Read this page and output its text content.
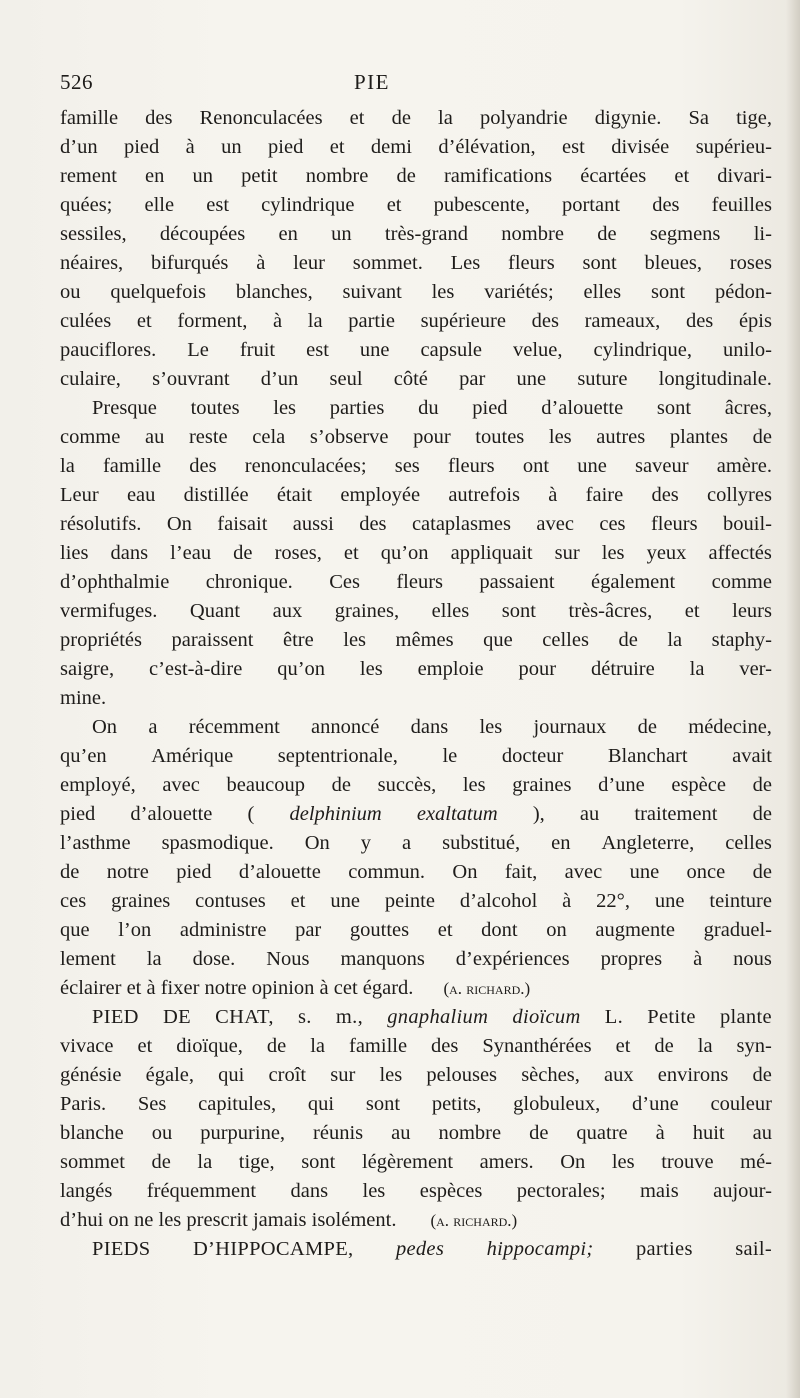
526	PIE
famille des Renonculacées et de la polyandrie digynie. Sa tige,
d’un pied à un pied et demi d’élévation, est divisée supérieu-
rement en un petit nombre de ramifications écartées et divari-
quées; elle est cylindrique et pubescente, portant des feuilles
sessiles, découpées en un très-grand nombre de segmens li-
néaires, bifurqués à leur sommet. Les fleurs sont bleues, roses
ou quelquefois blanches, suivant les variétés; elles sont pédon-
culées et forment, à la partie supérieure des rameaux, des épis
pauciflores. Le fruit est une capsule velue, cylindrique, unilo-
culaire, s’ouvrant d’un seul côté par une suture longitudinale.
Presque toutes les parties du pied d’alouette sont âcres,
comme au reste cela s’observe pour toutes les autres plantes de
la famille des renonculacées; ses fleurs ont une saveur amère.
Leur eau distillée était employée autrefois à faire des collyres
résolutifs. On faisait aussi des cataplasmes avec ces fleurs bouil-
lies dans l’eau de roses, et qu’on appliquait sur les yeux affectés
d’ophthalmie chronique. Ces fleurs passaient également comme
vermifuges. Quant aux graines, elles sont très-âcres, et leurs
propriétés paraissent être les mêmes que celles de la staphy-
saigre, c’est-à-dire qu’on les emploie pour détruire la ver-
mine.
On a récemment annoncé dans les journaux de médecine,
qu’en Amérique septentrionale, le docteur Blanchart avait
employé, avec beaucoup de succès, les graines d’une espèce de
pied d’alouette ( delphinium exaltatum ), au traitement de
l’asthme spasmodique. On y a substitué, en Angleterre, celles
de notre pied d’alouette commun. On fait, avec une once de
ces graines contuses et une peinte d’alcohol à 22°, une teinture
que l’on administre par gouttes et dont on augmente graduel-
lement la dose. Nous manquons d’expériences propres à nous
éclairer et à fixer notre opinion à cet égard. (a. richard.)
PIED DE CHAT, s. m., gnaphalium dioïcum L. Petite plante
vivace et dioïque, de la famille des Synanthérées et de la syn-
génésie égale, qui croît sur les pelouses sèches, aux environs de
Paris. Ses capitules, qui sont petits, globuleux, d’une couleur
blanche ou purpurine, réunis au nombre de quatre à huit au
sommet de la tige, sont légèrement amers. On les trouve mé-
langés fréquemment dans les espèces pectorales; mais aujour-
d’hui on ne les prescrit jamais isolément. (a. richard.)
PIEDS D’HIPPOCAMPE, pedes hippocampi; parties sail-
